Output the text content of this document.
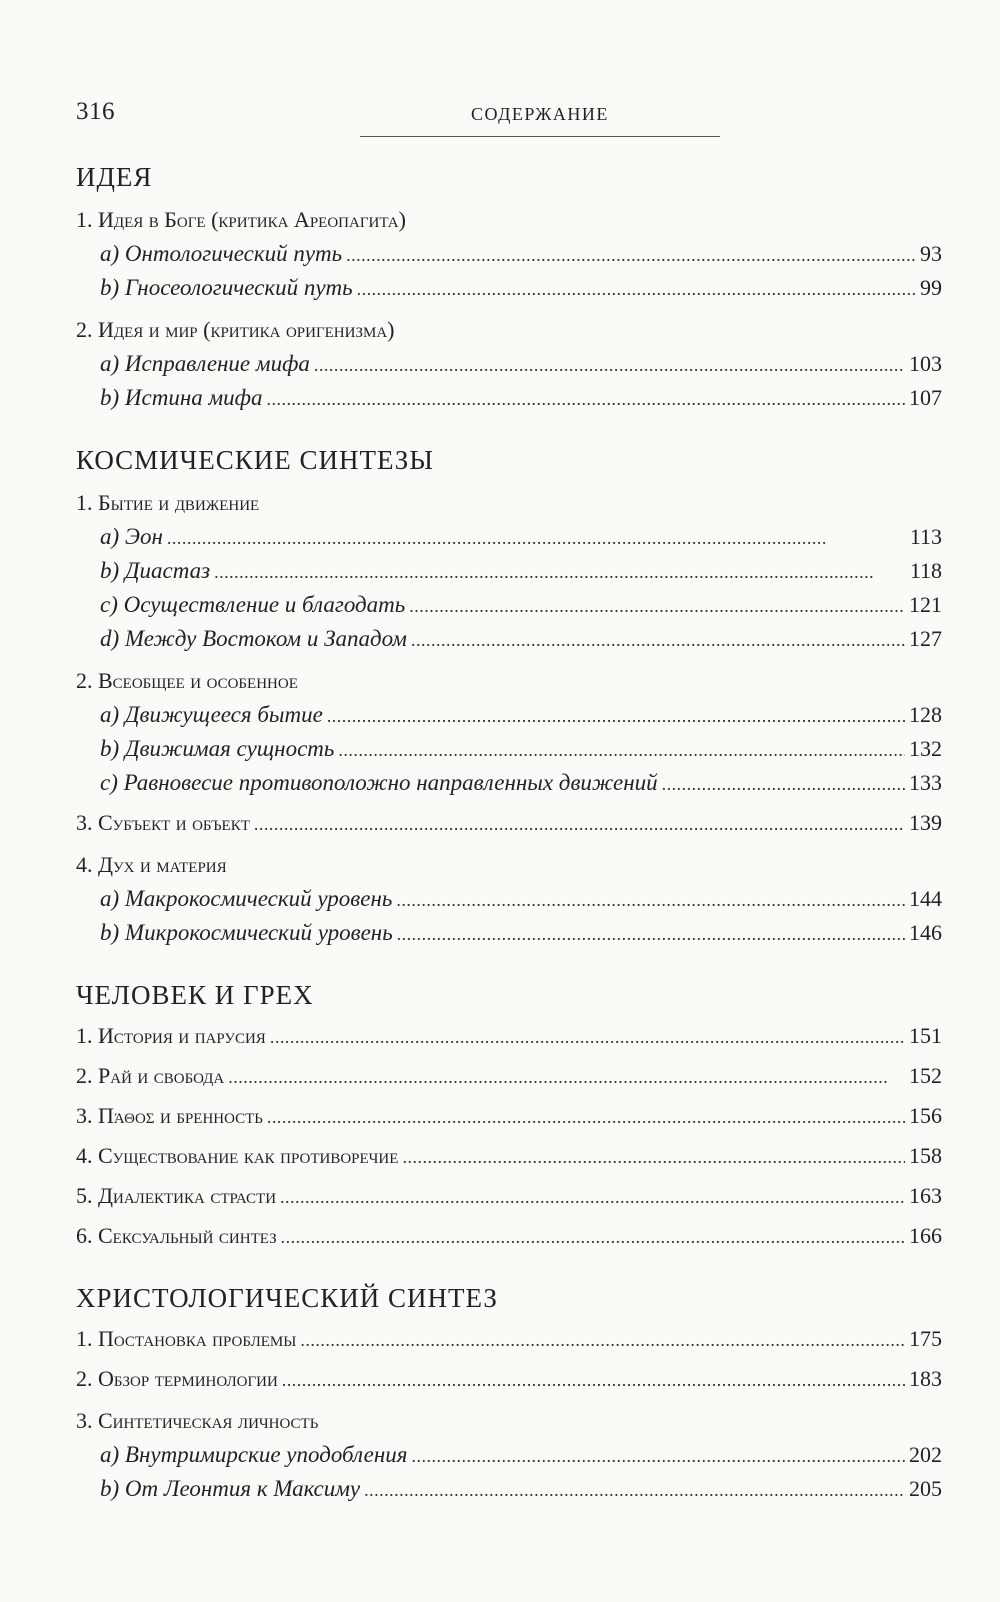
316	СОДЕРЖАНИЕ
ИДЕЯ
1. Идея в Боге (критика Ареопагита)
a) Онтологический путь . . .	93
b) Гносеологический путь . . .	99
2. Идея и мир (критика оригенизма)
a) Исправление мифа . . .	103
b) Истина мифа . . .	107
КОСМИЧЕСКИЕ СИНТЕЗЫ
1. Бытие и движение
a) Эон . . .	113
b) Диастаз . . .	118
c) Осуществление и благодать . . .	121
d) Между Востоком и Западом . . .	127
2. Всеобщее и особенное
a) Движущееся бытие . . .	128
b) Движимая сущность . . .	132
c) Равновесие противоположно направленных движений . . .	133
3. Субъект и объект . . .	139
4. Дух и материя
a) Макрокосмический уровень . . .	144
b) Микрокосмический уровень . . .	146
ЧЕЛОВЕК И ГРЕХ
1. История и парусия . . .	151
2. Рай и свобода . . .	152
3. Πάθος и бренность . . .	156
4. Существование как противоречие . . .	158
5. Диалектика страсти . . .	163
6. Сексуальный синтез . . .	166
ХРИСТОЛОГИЧЕСКИЙ СИНТЕЗ
1. Постановка проблемы . . .	175
2. Обзор терминологии . . .	183
3. Синтетическая личность
a) Внутримирские уподобления . . .	202
b) От Леонтия к Максиму . . .	205
